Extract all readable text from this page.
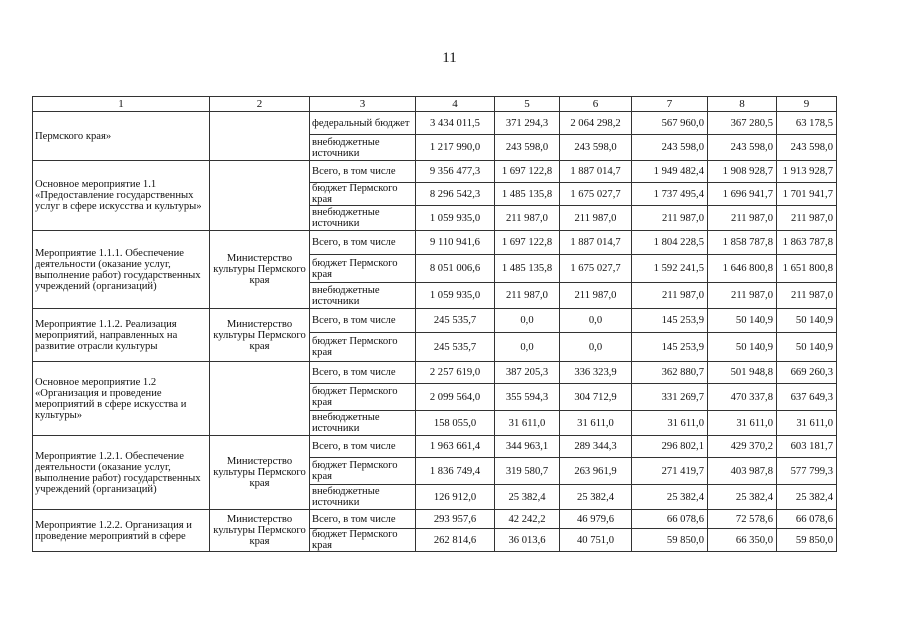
11
1	2	3	4	5	6	7	8	9
Пермского края»		федеральный бюджет	3 434 011,5	371 294,3	2 064 298,2	567 960,0	367 280,5	63 178,5
		внебюджетные источники	1 217 990,0	243 598,0	243 598,0	243 598,0	243 598,0	243 598,0
Основное мероприятие 1.1 «Предоставление государственных услуг в сфере искусства и культуры»		Всего, в том числе	9 356 477,3	1 697 122,8	1 887 014,7	1 949 482,4	1 908 928,7	1 913 928,7
		бюджет Пермского края	8 296 542,3	1 485 135,8	1 675 027,7	1 737 495,4	1 696 941,7	1 701 941,7
		внебюджетные источники	1 059 935,0	211 987,0	211 987,0	211 987,0	211 987,0	211 987,0
Мероприятие 1.1.1. Обеспечение деятельности (оказание услуг, выполнение работ) государственных учреждений (организаций)	Министерство культуры Пермского края	Всего, в том числе	9 110 941,6	1 697 122,8	1 887 014,7	1 804 228,5	1 858 787,8	1 863 787,8
		бюджет Пермского края	8 051 006,6	1 485 135,8	1 675 027,7	1 592 241,5	1 646 800,8	1 651 800,8
		внебюджетные источники	1 059 935,0	211 987,0	211 987,0	211 987,0	211 987,0	211 987,0
Мероприятие 1.1.2. Реализация мероприятий, направленных на развитие отрасли культуры	Министерство культуры Пермского края	Всего, в том числе	245 535,7	0,0	0,0	145 253,9	50 140,9	50 140,9
		бюджет Пермского края	245 535,7	0,0	0,0	145 253,9	50 140,9	50 140,9
Основное мероприятие 1.2 «Организация и проведение мероприятий в сфере искусства и культуры»		Всего, в том числе	2 257 619,0	387 205,3	336 323,9	362 880,7	501 948,8	669 260,3
		бюджет Пермского края	2 099 564,0	355 594,3	304 712,9	331 269,7	470 337,8	637 649,3
		внебюджетные источники	158 055,0	31 611,0	31 611,0	31 611,0	31 611,0	31 611,0
Мероприятие 1.2.1. Обеспечение деятельности (оказание услуг, выполнение работ) государственных учреждений (организаций)	Министерство культуры Пермского края	Всего, в том числе	1 963 661,4	344 963,1	289 344,3	296 802,1	429 370,2	603 181,7
		бюджет Пермского края	1 836 749,4	319 580,7	263 961,9	271 419,7	403 987,8	577 799,3
		внебюджетные источники	126 912,0	25 382,4	25 382,4	25 382,4	25 382,4	25 382,4
Мероприятие 1.2.2. Организация и проведение мероприятий в сфере	Министерство культуры Пермского края	Всего, в том числе	293 957,6	42 242,2	46 979,6	66 078,6	72 578,6	66 078,6
		бюджет Пермского края	262 814,6	36 013,6	40 751,0	59 850,0	66 350,0	59 850,0
